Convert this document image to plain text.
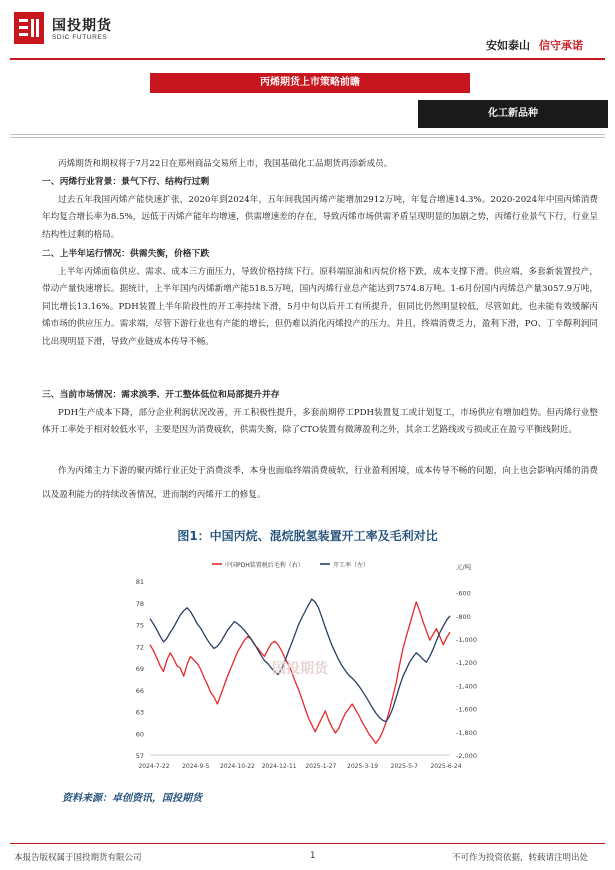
国投期货
SDIC FUTURES
安如泰山 信守承诺
丙烯期货上市策略前瞻
化工新品种
丙烯期货和期权将于7月22日在郑州商品交易所上市，我国基础化工品期货再添新成员。
一、丙烯行业背景：景气下行、结构行过剩
过去五年我国丙烯产能快速扩张，2020年到2024年，五年间我国丙烯产能增加2912万吨，年复合增速14.3%。2020-2024年中国丙烯消费年均复合增长率为8.5%，远低于丙烯产能年均增速，供需增速差的存在，导致丙烯市场供需矛盾呈现明显的加剧之势，丙烯行业景气下行，行业呈结构性过剩的格局。
二、上半年运行情况：供需失衡，价格下跌
上半年丙烯面临供应、需求、成本三方面压力，导致价格持续下行。原料端原油和丙烷价格下跌，成本支撑下滑。供应端，多套新装置投产，带动产量快速增长。据统计，上半年国内丙烯新增产能518.5万吨，国内丙烯行业总产能达到7574.8万吨。1-6月份国内丙烯总产量3057.9万吨，同比增长13.16%。PDH装置上半年阶段性的开工率持续下滑，5月中旬以后开工有所提升，但同比仍然明显较低，尽管如此，也未能有效缓解丙烯市场的供应压力。需求端，尽管下游行业也有产能的增长，但仍难以消化丙烯投产的压力。并且，终端消费乏力，盈利下滑，PO、丁辛醇利润同比出现明显下滑，导致产业链成本传导不畅。
三、当前市场情况：需求淡季、开工整体低位和局部提升并存
PDH生产成本下降，部分企业利润状况改善，开工积极性提升，多套前期停工PDH装置复工或计划复工，市场供应有增加趋势。但丙烯行业整体开工率处于相对较低水平，主要是因为消费疲软，供需失衡，除了CTO装置有微薄盈利之外，其余工艺路线或亏损或正在盈亏平衡线附近。
作为丙烯主力下游的聚丙烯行业正处于消费淡季，本身也面临终端消费疲软，行业盈利困境，成本传导不畅的问题，向上也会影响丙烯的消费以及盈利能力的持续改善情况，进而制约丙烯开工的修复。
图1：中国丙烷、混烷脱氢装置开工率及毛利对比
国投期货
81
78
75
72
69
66
63
60
57
-600
-800
-1,000
-1,200
-1,400
-1,600
-1,800
-2,000
元/吨
2024-7-22 2024-9-5 2024-10-22 2024-12-11 2025-1-27 2025-3-19 2025-5-7 2025-6-24
中国PDH装置税后毛利（右）	开工率（左）
资料来源：卓创资讯，国投期货
本报告版权属于国投期货有限公司	1	不可作为投资依据，转载请注明出处
